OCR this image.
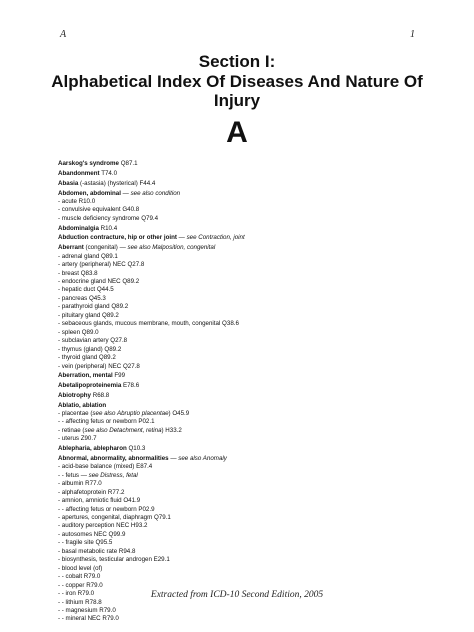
A	1
Section I:
Alphabetical Index Of Diseases And Nature Of
Injury
A
Aarskog's syndrome Q87.1
Abandonment T74.0
Abasia (-astasia) (hysterical) F44.4
Abdomen, abdominal — see also condition
- acute R10.0
- convulsive equivalent G40.8
- muscle deficiency syndrome Q79.4
Abdominalgia R10.4
Abduction contracture, hip or other joint — see Contraction, joint
Aberrant (congenital) — see also Malposition, congenital
- adrenal gland Q89.1
- artery (peripheral) NEC Q27.8
- breast Q83.8
- endocrine gland NEC Q89.2
- hepatic duct Q44.5
- pancreas Q45.3
- parathyroid gland Q89.2
- pituitary gland Q89.2
- sebaceous glands, mucous membrane, mouth, congenital Q38.6
- spleen Q89.0
- subclavian artery Q27.8
- thymus (gland) Q89.2
- thyroid gland Q89.2
- vein (peripheral) NEC Q27.8
Aberration, mental F99
Abetalipoproteinemia E78.6
Abiotrophy R68.8
Ablatio, ablation
- placentae (see also Abruptio placentae) O45.9
- - affecting fetus or newborn P02.1
- retinae (see also Detachment, retina) H33.2
- uterus Z90.7
Ablepharia, ablepharon Q10.3
Abnormal, abnormality, abnormalities — see also Anomaly
- acid-base balance (mixed) E87.4
- - fetus — see Distress, fetal
- albumin R77.0
- alphafetoprotein R77.2
- amnion, amniotic fluid O41.9
- - affecting fetus or newborn P02.9
- apertures, congenital, diaphragm Q79.1
- auditory perception NEC H93.2
- autosomes NEC Q99.9
- - fragile site Q95.5
- basal metabolic rate R94.8
- biosynthesis, testicular androgen E29.1
- blood level (of)
- - cobalt R79.0
- - copper R79.0
- - iron R79.0
- - lithium R78.8
- - magnesium R79.0
- - mineral NEC R79.0
Extracted from ICD-10 Second Edition, 2005
